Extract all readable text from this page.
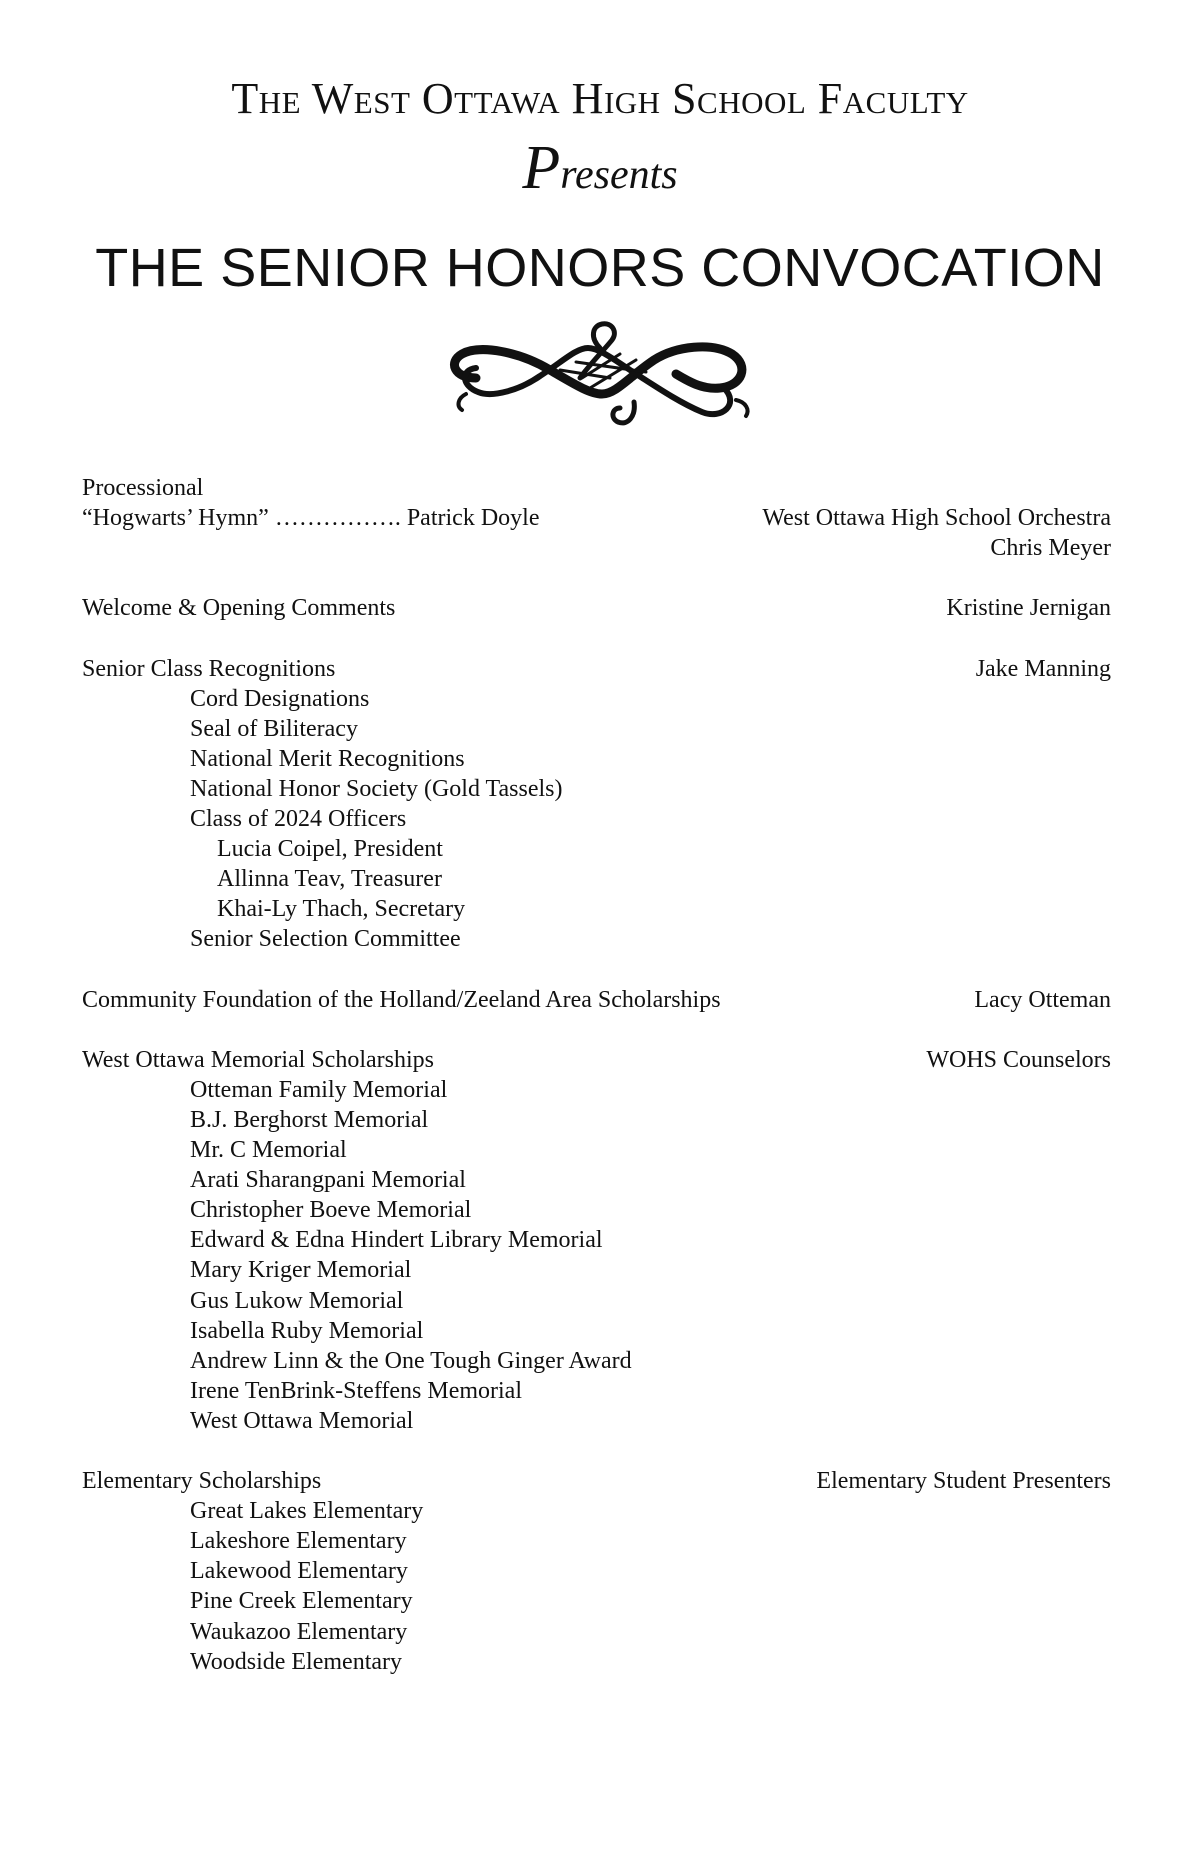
The West Ottawa High School Faculty
Presents
THE SENIOR HONORS CONVOCATION
Processional
“Hogwarts’ Hymn” ……………. Patrick Doyle	West Ottawa High School Orchestra
Chris Meyer
Welcome & Opening Comments	Kristine Jernigan
Senior Class Recognitions	Jake Manning
Cord Designations
Seal of Biliteracy
National Merit Recognitions
National Honor Society (Gold Tassels)
Class of 2024 Officers
Lucia Coipel, President
Allinna Teav, Treasurer
Khai-Ly Thach, Secretary
Senior Selection Committee
Community Foundation of the Holland/Zeeland Area Scholarships	Lacy Otteman
West Ottawa Memorial Scholarships	WOHS Counselors
Otteman Family Memorial
B.J. Berghorst Memorial
Mr. C Memorial
Arati Sharangpani Memorial
Christopher Boeve Memorial
Edward & Edna Hindert Library Memorial
Mary Kriger Memorial
Gus Lukow Memorial
Isabella Ruby Memorial
Andrew Linn & the One Tough Ginger Award
Irene TenBrink-Steffens Memorial
West Ottawa Memorial
Elementary Scholarships	Elementary Student Presenters
Great Lakes Elementary
Lakeshore Elementary
Lakewood Elementary
Pine Creek Elementary
Waukazoo Elementary
Woodside Elementary
